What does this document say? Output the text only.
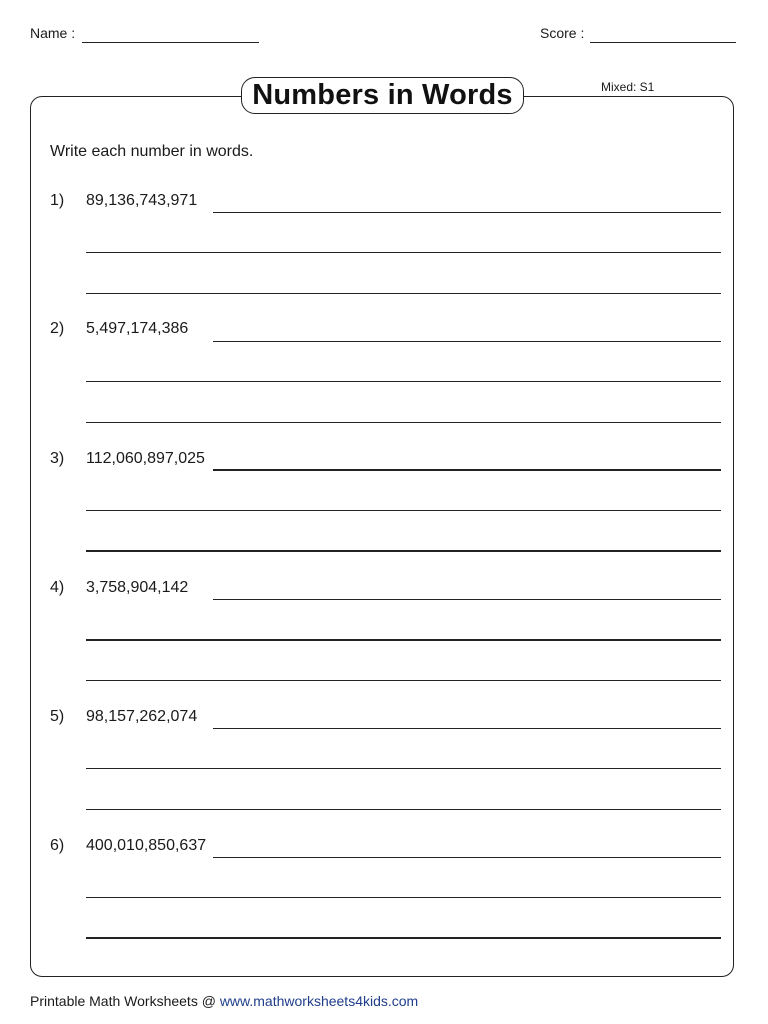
Name :	Score :
Numbers in Words	Mixed: S1
Write each number in words.
1) 89,136,743,971
2) 5,497,174,386
3) 112,060,897,025
4) 3,758,904,142
5) 98,157,262,074
6) 400,010,850,637
Printable Math Worksheets @ www.mathworksheets4kids.com
